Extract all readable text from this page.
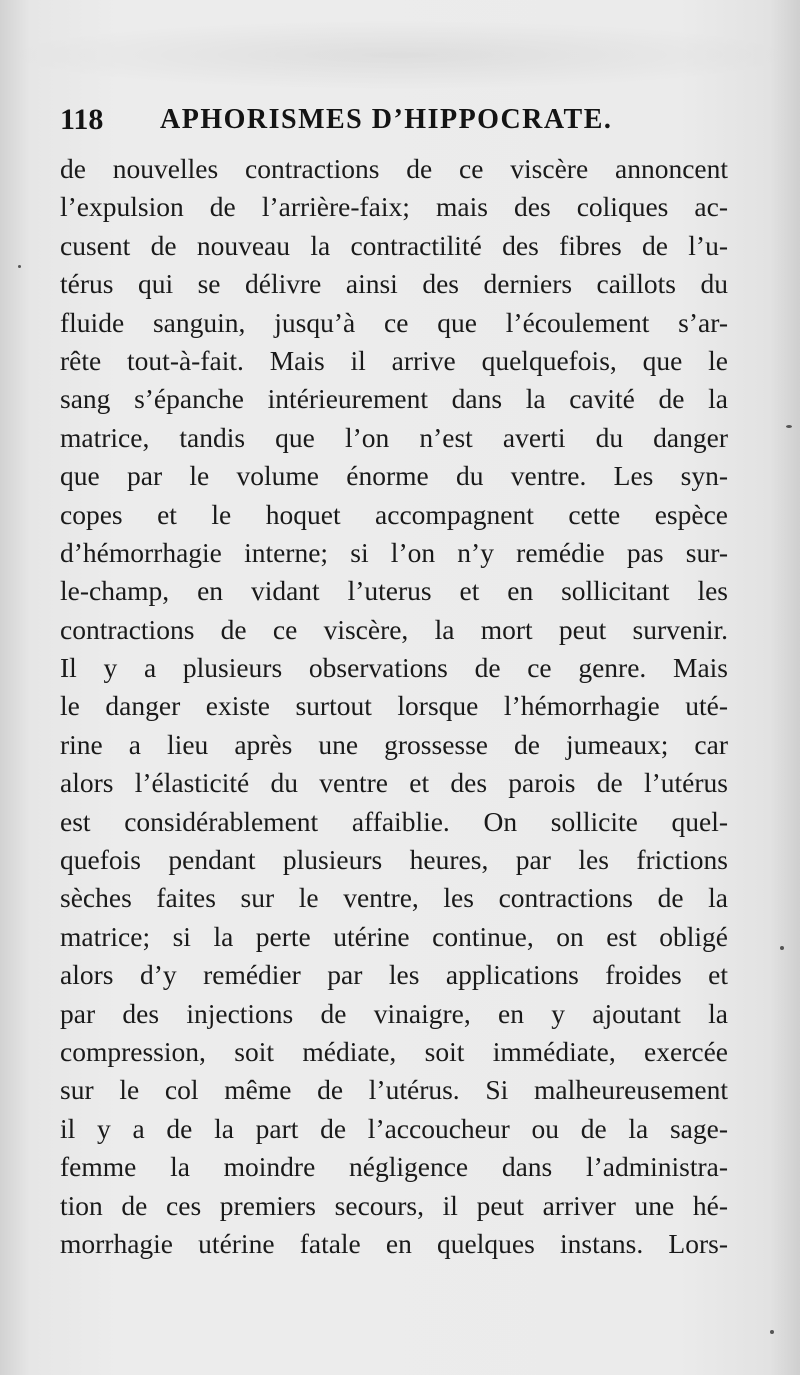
118 APHORISMES D’HIPPOCRATE.
de nouvelles contractions de ce viscère annoncent
l’expulsion de l’arrière-faix; mais des coliques ac-
cusent de nouveau la contractilité des fibres de l’u-
térus qui se délivre ainsi des derniers caillots du
fluide sanguin, jusqu’à ce que l’écoulement s’ar-
rête tout-à-fait. Mais il arrive quelquefois, que le
sang s’épanche intérieurement dans la cavité de la
matrice, tandis que l’on n’est averti du danger
que par le volume énorme du ventre. Les syn-
copes et le hoquet accompagnent cette espèce
d’hémorrhagie interne; si l’on n’y remédie pas sur-
le-champ, en vidant l’uterus et en sollicitant les
contractions de ce viscère, la mort peut survenir.
Il y a plusieurs observations de ce genre. Mais
le danger existe surtout lorsque l’hémorrhagie uté-
rine a lieu après une grossesse de jumeaux; car
alors l’élasticité du ventre et des parois de l’utérus
est considérablement affaiblie. On sollicite quel-
quefois pendant plusieurs heures, par les frictions
sèches faites sur le ventre, les contractions de la
matrice; si la perte utérine continue, on est obligé
alors d’y remédier par les applications froides et
par des injections de vinaigre, en y ajoutant la
compression, soit médiate, soit immédiate, exercée
sur le col même de l’utérus. Si malheureusement
il y a de la part de l’accoucheur ou de la sage-
femme la moindre négligence dans l’administra-
tion de ces premiers secours, il peut arriver une hé-
morrhagie utérine fatale en quelques instans. Lors-
